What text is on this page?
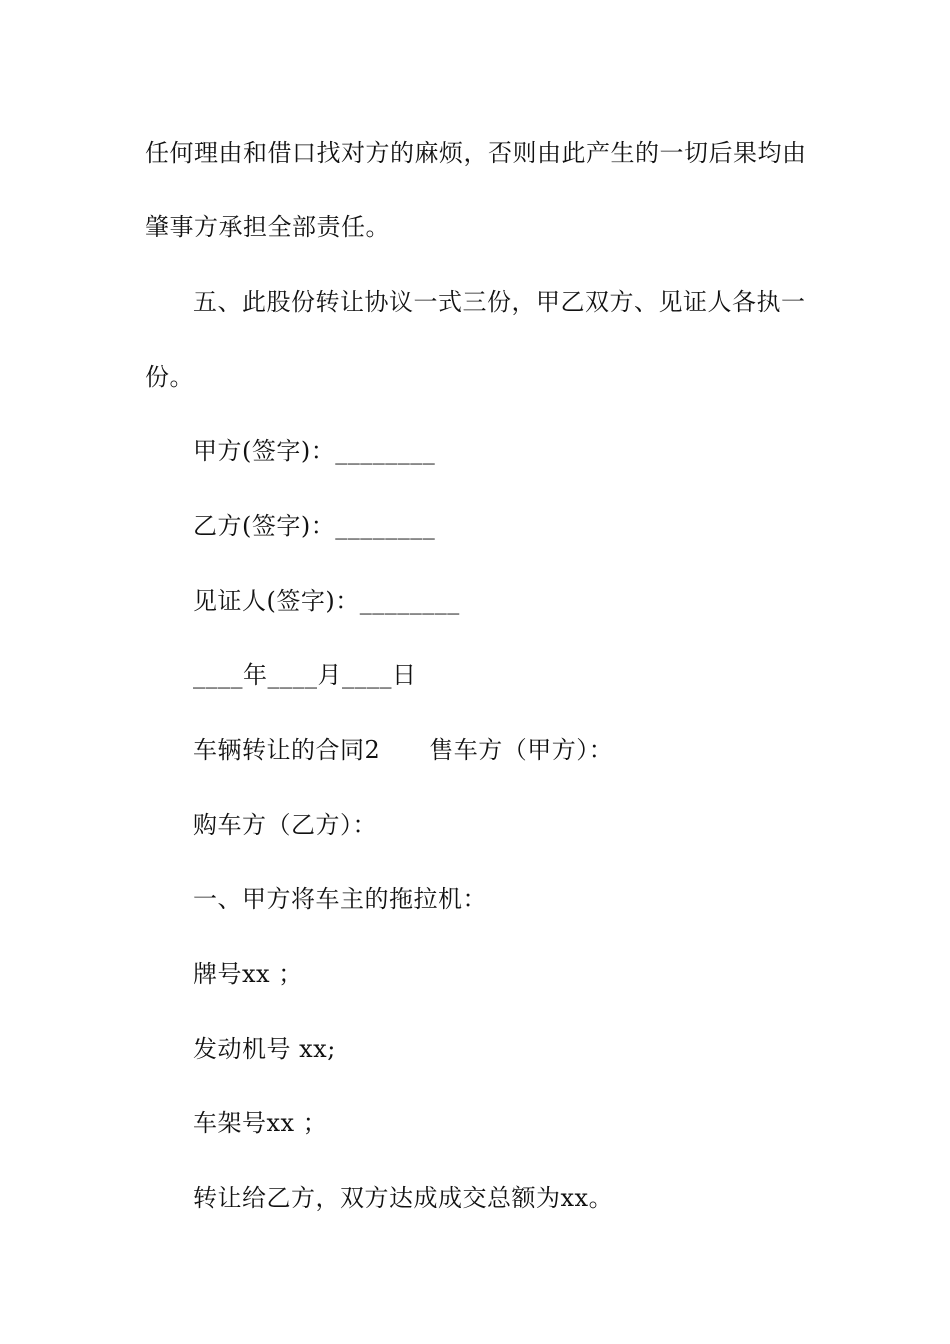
任何理由和借口找对方的麻烦，否则由此产生的一切后果均由
肇事方承担全部责任。
五、此股份转让协议一式三份，甲乙双方、见证人各执一
份。
甲方(签字)：________
乙方(签字)：________
见证人(签字)：________
____年____月____日
车辆转让的合同2　　售车方（甲方）：
购车方（乙方）：
一、甲方将车主的拖拉机：
牌号xx ；
发动机号 xx;
车架号xx ；
转让给乙方，双方达成成交总额为xx。
